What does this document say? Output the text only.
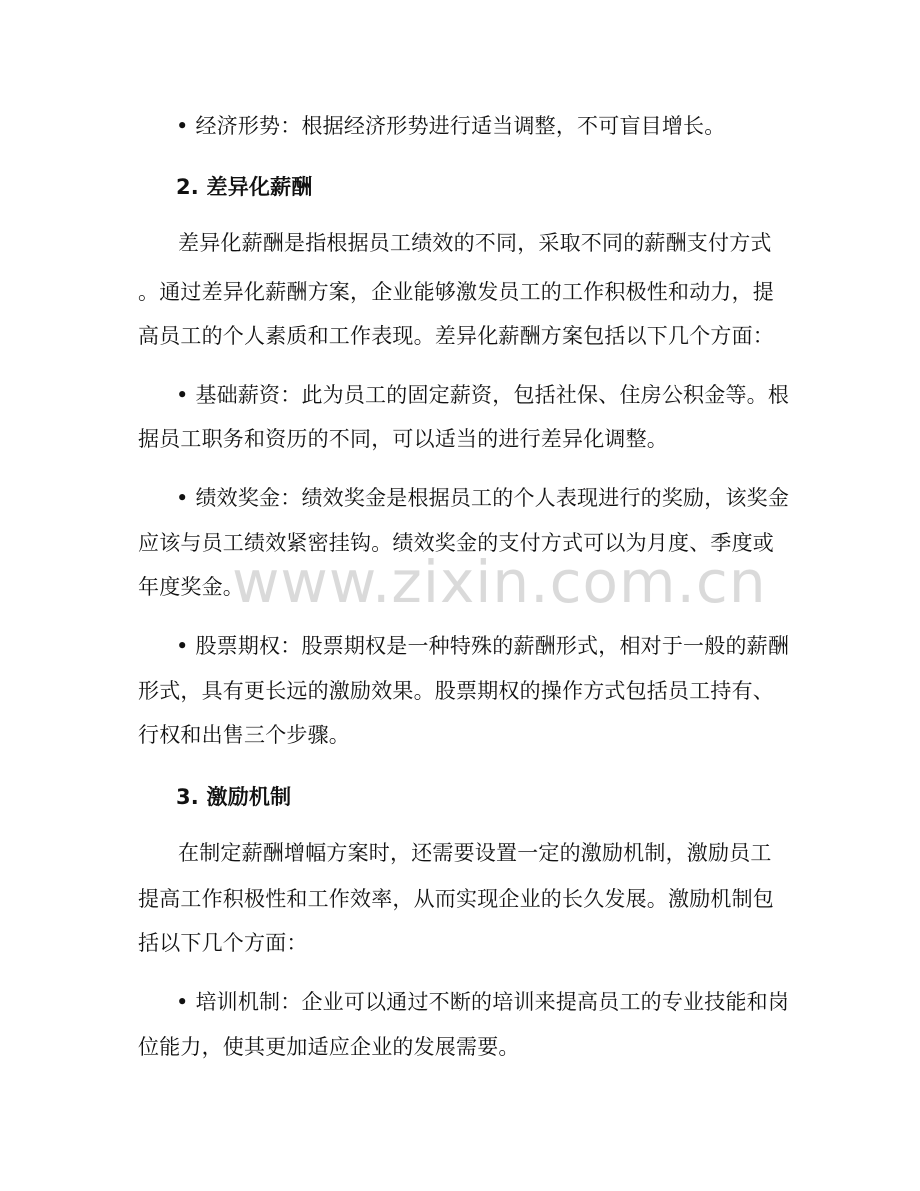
• 经济形势：根据经济形势进行适当调整，不可盲目增长。
2. 差异化薪酬
差异化薪酬是指根据员工绩效的不同，采取不同的薪酬支付方式
。通过差异化薪酬方案，企业能够激发员工的工作积极性和动力，提
高员工的个人素质和工作表现。差异化薪酬方案包括以下几个方面：
• 基础薪资：此为员工的固定薪资，包括社保、住房公积金等。根
据员工职务和资历的不同，可以适当的进行差异化调整。
• 绩效奖金：绩效奖金是根据员工的个人表现进行的奖励，该奖金
应该与员工绩效紧密挂钩。绩效奖金的支付方式可以为月度、季度或
年度奖金。
• 股票期权：股票期权是一种特殊的薪酬形式，相对于一般的薪酬
形式，具有更长远的激励效果。股票期权的操作方式包括员工持有、
行权和出售三个步骤。
3. 激励机制
在制定薪酬增幅方案时，还需要设置一定的激励机制，激励员工
提高工作积极性和工作效率，从而实现企业的长久发展。激励机制包
括以下几个方面：
• 培训机制：企业可以通过不断的培训来提高员工的专业技能和岗
位能力，使其更加适应企业的发展需要。
www.zixin.com.cn
